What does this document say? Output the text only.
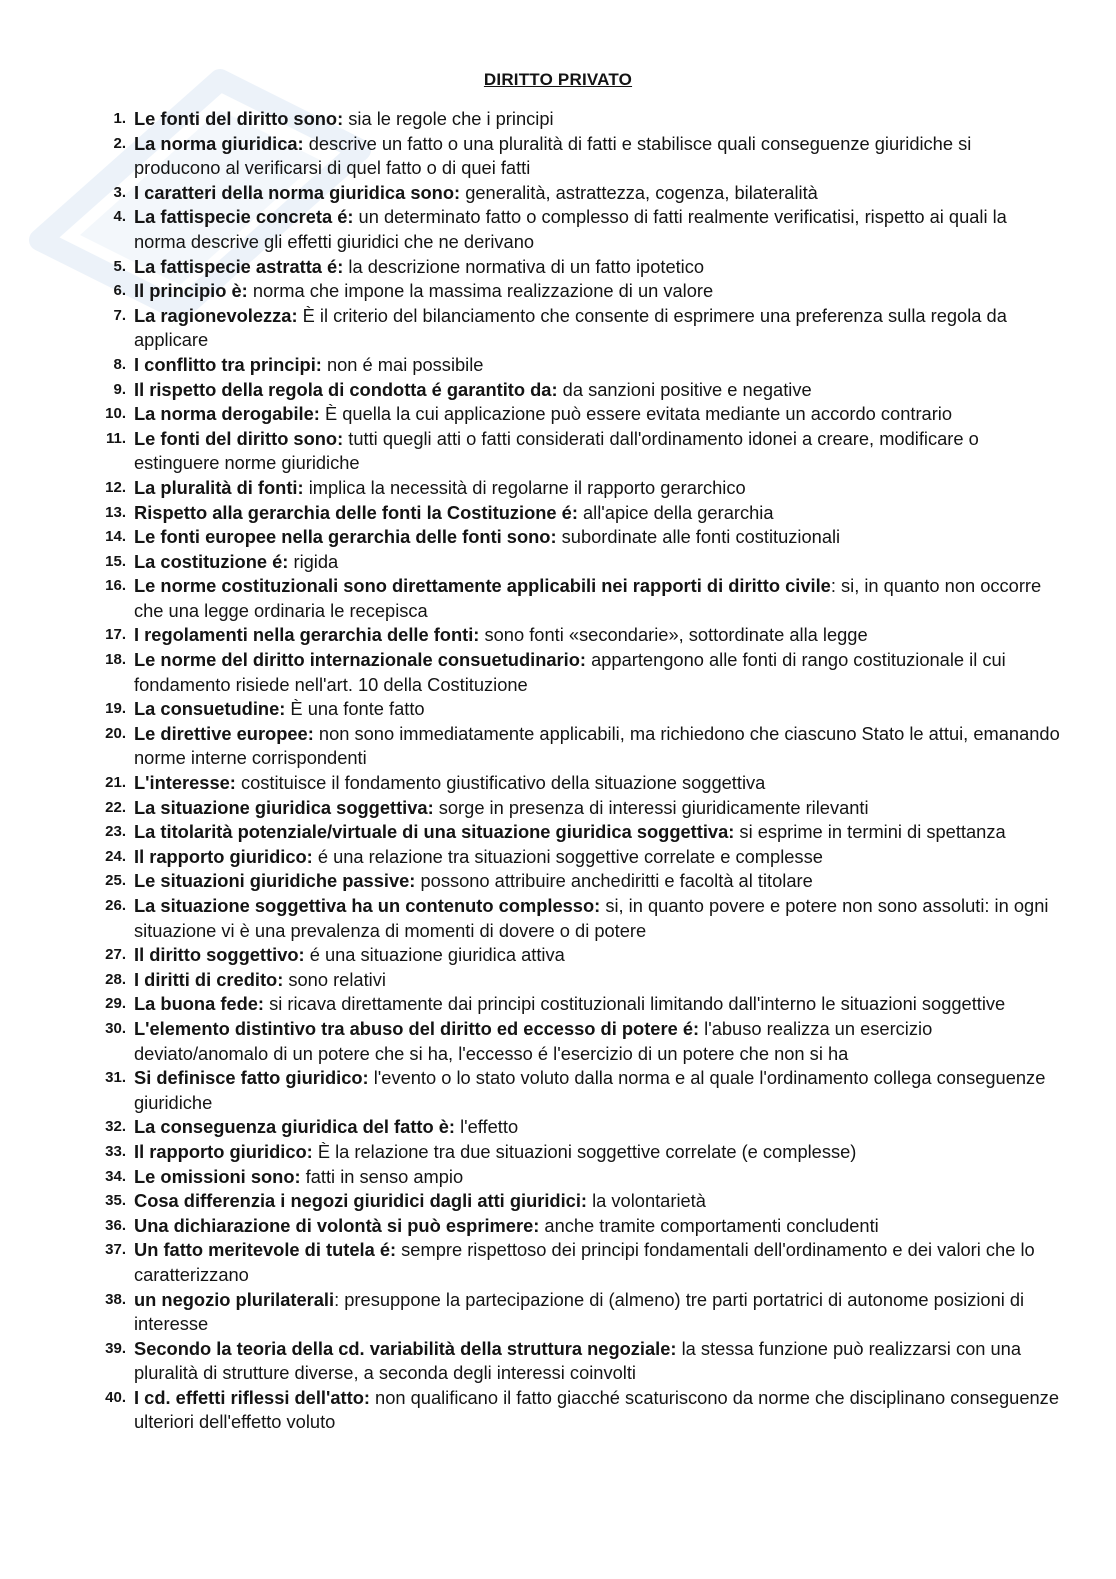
DIRITTO PRIVATO
1. Le fonti del diritto sono: sia le regole che i principi
2. La norma giuridica: descrive un fatto o una pluralità di fatti e stabilisce quali conseguenze giuridiche si producono al verificarsi di quel fatto o di quei fatti
3. I caratteri della norma giuridica sono: generalità, astrattezza, cogenza, bilateralità
4. La fattispecie concreta é: un determinato fatto o complesso di fatti realmente verificatisi, rispetto ai quali la norma descrive gli effetti giuridici che ne derivano
5. La fattispecie astratta é: la descrizione normativa di un fatto ipotetico
6. Il principio è: norma che impone la massima realizzazione di un valore
7. La ragionevolezza: È il criterio del bilanciamento che consente di esprimere una preferenza sulla regola da applicare
8. I conflitto tra principi: non é mai possibile
9. Il rispetto della regola di condotta é garantito da: da sanzioni positive e negative
10. La norma derogabile: È quella la cui applicazione può essere evitata mediante un accordo contrario
11. Le fonti del diritto sono: tutti quegli atti o fatti considerati dall'ordinamento idonei a creare, modificare o estinguere norme giuridiche
12. La pluralità di fonti: implica la necessità di regolarne il rapporto gerarchico
13. Rispetto alla gerarchia delle fonti la Costituzione é: all'apice della gerarchia
14. Le fonti europee nella gerarchia delle fonti sono: subordinate alle fonti costituzionali
15. La costituzione é: rigida
16. Le norme costituzionali sono direttamente applicabili nei rapporti di diritto civile: si, in quanto non occorre che una legge ordinaria le recepisca
17. I regolamenti nella gerarchia delle fonti: sono fonti «secondarie», sottordinate alla legge
18. Le norme del diritto internazionale consuetudinario: appartengono alle fonti di rango costituzionale il cui fondamento risiede nell'art. 10 della Costituzione
19. La consuetudine: È una fonte fatto
20. Le direttive europee: non sono immediatamente applicabili, ma richiedono che ciascuno Stato le attui, emanando norme interne corrispondenti
21. L'interesse: costituisce il fondamento giustificativo della situazione soggettiva
22. La situazione giuridica soggettiva: sorge in presenza di interessi giuridicamente rilevanti
23. La titolarità potenziale/virtuale di una situazione giuridica soggettiva: si esprime in termini di spettanza
24. Il rapporto giuridico: é una relazione tra situazioni soggettive correlate e complesse
25. Le situazioni giuridiche passive: possono attribuire anchediritti e facoltà al titolare
26. La situazione soggettiva ha un contenuto complesso: si, in quanto povere e potere non sono assoluti: in ogni situazione vi è una prevalenza di momenti di dovere o di potere
27. Il diritto soggettivo: é una situazione giuridica attiva
28. I diritti di credito: sono relativi
29. La buona fede: si ricava direttamente dai principi costituzionali limitando dall'interno le situazioni soggettive
30. L'elemento distintivo tra abuso del diritto ed eccesso di potere é: l'abuso realizza un esercizio deviato/anomalo di un potere che si ha, l'eccesso é l'esercizio di un potere che non si ha
31. Si definisce fatto giuridico: l'evento o lo stato voluto dalla norma e al quale l'ordinamento collega conseguenze giuridiche
32. La conseguenza giuridica del fatto è: l'effetto
33. Il rapporto giuridico: È la relazione tra due situazioni soggettive correlate (e complesse)
34. Le omissioni sono: fatti in senso ampio
35. Cosa differenzia i negozi giuridici dagli atti giuridici: la volontarietà
36. Una dichiarazione di volontà si può esprimere: anche tramite comportamenti concludenti
37. Un fatto meritevole di tutela é: sempre rispettoso dei principi fondamentali dell'ordinamento e dei valori che lo caratterizzano
38. un negozio plurilaterali: presuppone la partecipazione di (almeno) tre parti portatrici di autonome posizioni di interesse
39. Secondo la teoria della cd. variabilità della struttura negoziale: la stessa funzione può realizzarsi con una pluralità di strutture diverse, a seconda degli interessi coinvolti
40. I cd. effetti riflessi dell'atto: non qualificano il fatto giacché scaturiscono da norme che disciplinano conseguenze ulteriori dell'effetto voluto
